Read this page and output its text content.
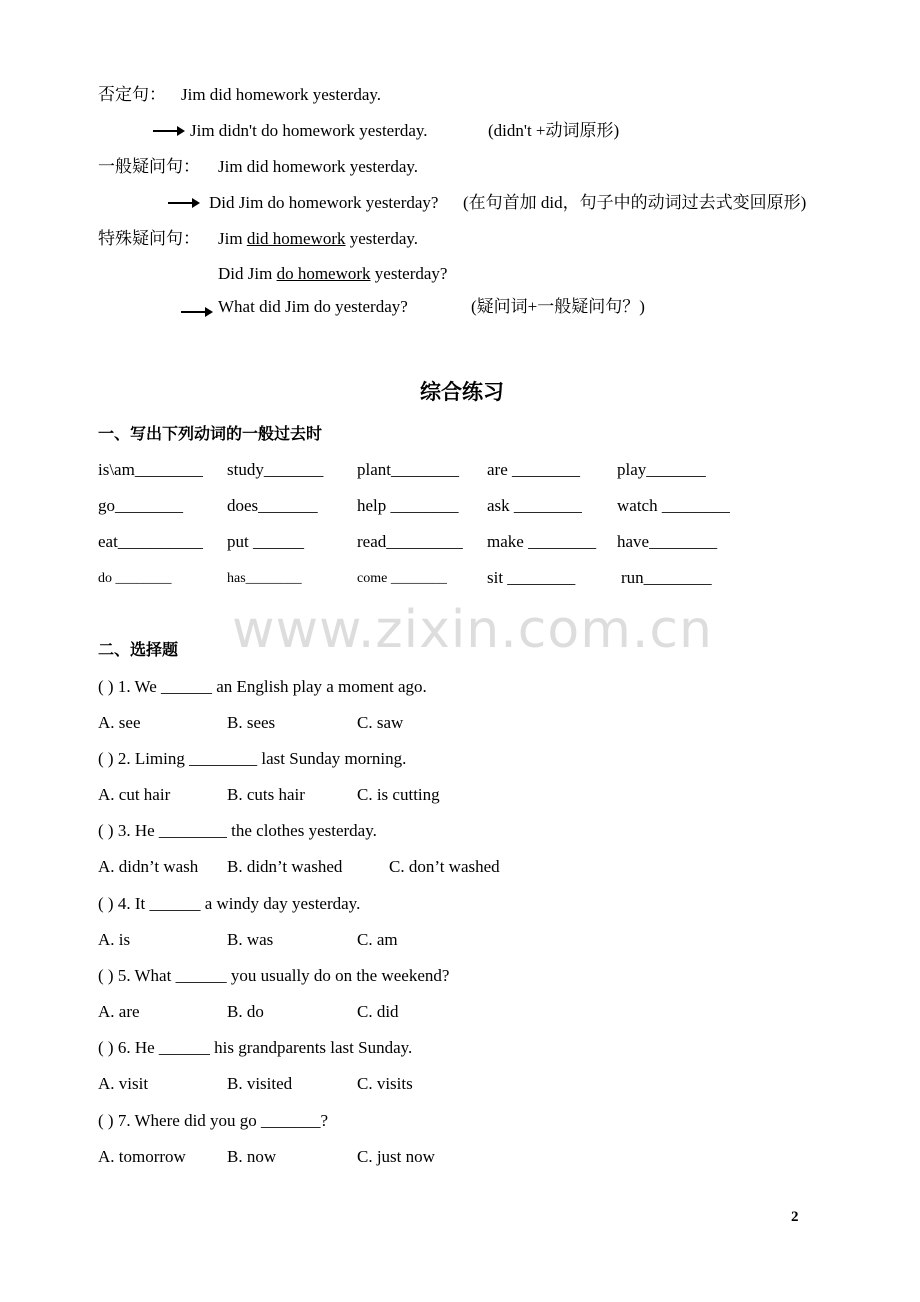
否定句： Jim did homework yesterday.
Jim didn't do homework yesterday.	(didn't +动词原形)
一般疑问句： Jim did homework yesterday.
Did Jim do homework yesterday? (在句首加 did，句子中的动词过去式变回原形)
特殊疑问句： Jim did homework yesterday.
Did Jim do homework yesterday?
What did Jim do yesterday?	(疑问词+一般疑问句？)
综合练习
一、写出下列动词的一般过去时
is\am________ study_______ plant________ are ________ play_______
go________	does_______ help ________ ask ________ watch ________
eat__________ put ______	read_________ make ________ have________
do ________	has________	come ________ sit ________	run________
www.zixin.com.cn
二、选择题
( ) 1. We ______ an English play a moment ago.
A. see	B. sees	C. saw
( ) 2. Liming ________ last Sunday morning.
A. cut hair	B. cuts hair	C. is cutting
( ) 3. He ________ the clothes yesterday.
A. didn’t wash B. didn’t washed	C. don’t washed
( ) 4. It ______ a windy day yesterday.
A. is	B. was	C. am
( ) 5. What ______ you usually do on the weekend?
A. are	B. do	C. did
( ) 6. He ______ his grandparents last Sunday.
A. visit	B. visited	C. visits
( ) 7. Where did you go _______?
A. tomorrow B. now	C. just now
2
